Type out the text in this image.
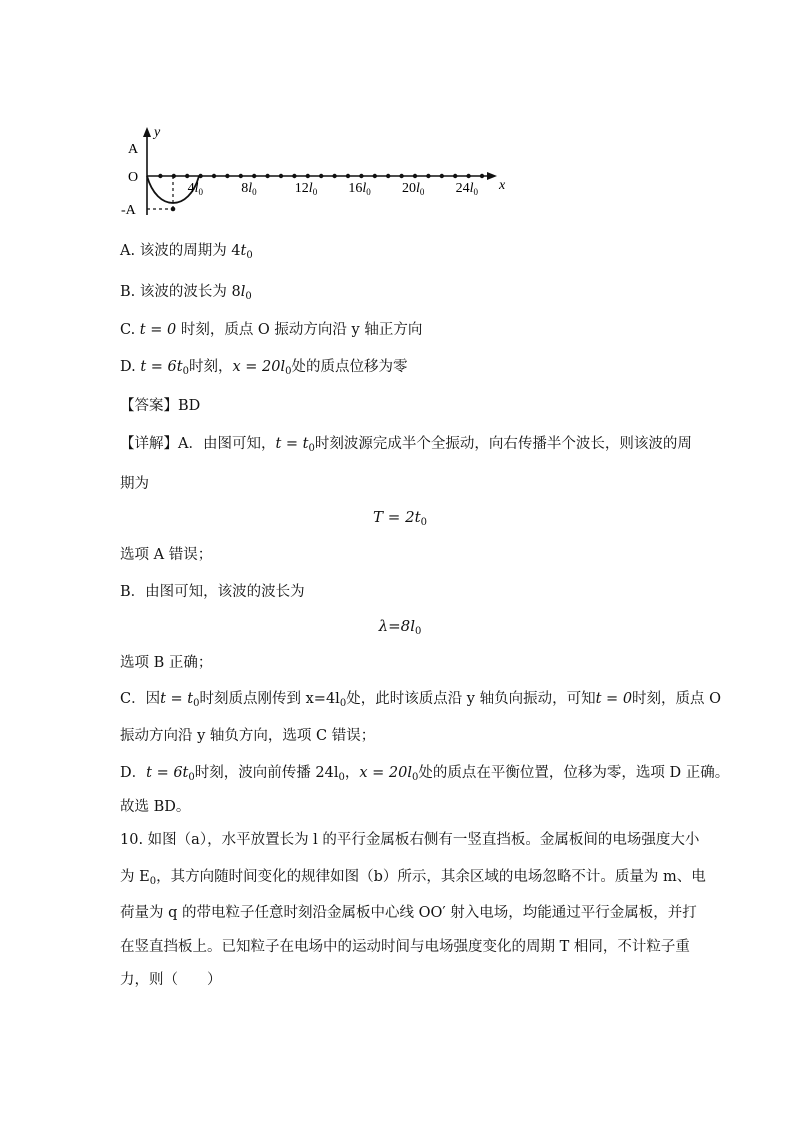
y
A
O
-A
x
$4l_0$	$8l_0$	$12l_0$ $16l_0$ $20l_0$ $24l_0$
A. 该波的周期为 $4t_0$
B. 该波的波长为 $8l_0$
C. t = 0 时刻，质点 O 振动方向沿 y 轴正方向
D. $t = 6t_0$时刻，$x = 20l_0$处的质点位移为零
【答案】BD
【详解】A．由图可知，$t = t_0$时刻波源完成半个全振动，向右传播半个波长，则该波的周
期为
$T = 2t_0$
选项 A 错误；
B．由图可知，该波的波长为
$\lambda=8l_0$
选项 B 正确；
C．因$t = t_0$时刻质点刚传到 $x=4l_0$处，此时该质点沿 y 轴负向振动，可知t = 0时刻，质点 O
振动方向沿 y 轴负方向，选项 C 错误；
D．$t = 6t_0$时刻，波向前传播 $24l_0$，$x = 20l_0$处的质点在平衡位置，位移为零，选项 D 正确。
故选 BD。
10. 如图（a），水平放置长为 l 的平行金属板右侧有一竖直挡板。金属板间的电场强度大小
为 $E_0$，其方向随时间变化的规律如图（b）所示，其余区域的电场忽略不计。质量为 m、电
荷量为 q 的带电粒子任意时刻沿金属板中心线 OO′ 射入电场，均能通过平行金属板，并打
在竖直挡板上。已知粒子在电场中的运动时间与电场强度变化的周期 T 相同，不计粒子重
力，则（　　）
